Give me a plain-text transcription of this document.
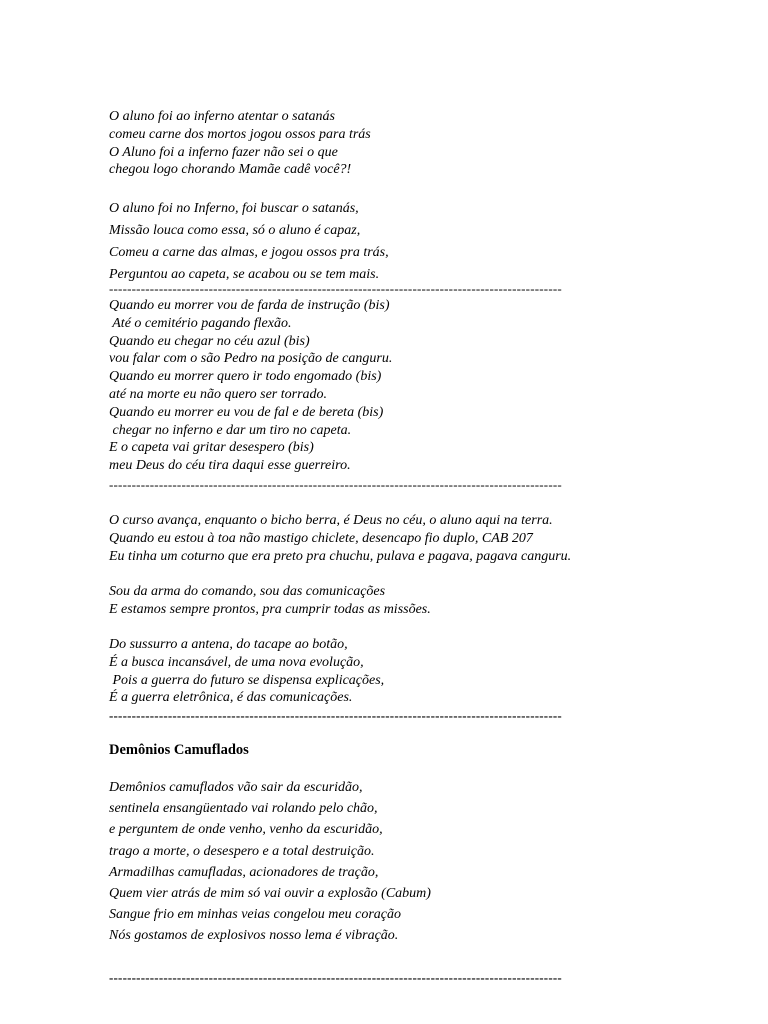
O aluno foi ao inferno atentar o satanás
comeu carne dos mortos jogou ossos para trás
O Aluno foi a inferno fazer não sei o que
chegou logo chorando Mamãe cadê você?!
O aluno foi no Inferno, foi buscar o satanás,
Missão louca como essa, só o aluno é capaz,
Comeu a carne das almas, e jogou ossos pra trás,
Perguntou ao capeta, se acabou ou se tem mais.
----------------------------------------------------------------------------------------------------
Quando eu morrer vou de farda de instrução (bis)
Até o cemitério pagando flexão.
Quando eu chegar no céu azul (bis)
vou falar com o são Pedro na posição de canguru.
Quando eu morrer quero ir todo engomado (bis)
até na morte eu não quero ser torrado.
Quando eu morrer eu vou de fal e de bereta (bis)
chegar no inferno e dar um tiro no capeta.
E o capeta vai gritar desespero (bis)
meu Deus do céu tira daqui esse guerreiro.
----------------------------------------------------------------------------------------------------
O curso avança, enquanto o bicho berra, é Deus no céu, o aluno aqui na terra.
Quando eu estou à toa não mastigo chiclete, desencapo fio duplo, CAB 207
Eu tinha um coturno que era preto pra chuchu, pulava e pagava, pagava canguru.
Sou da arma do comando, sou das comunicações
E estamos sempre prontos, pra cumprir todas as missões.
Do sussurro a antena, do tacape ao botão,
É a busca incansável, de uma nova evolução,
Pois a guerra do futuro se dispensa explicações,
É a guerra eletrônica, é das comunicações.
----------------------------------------------------------------------------------------------------
Demônios Camuflados
Demônios camuflados vão sair da escuridão,
sentinela ensangüentado vai rolando pelo chão,
e perguntem de onde venho, venho da escuridão,
trago a morte, o desespero e a total destruição.
Armadilhas camufladas, acionadores de tração,
Quem vier atrás de mim só vai ouvir a explosão (Cabum)
Sangue frio em minhas veias congelou meu coração
Nós gostamos de explosivos nosso lema é vibração.
----------------------------------------------------------------------------------------------------
